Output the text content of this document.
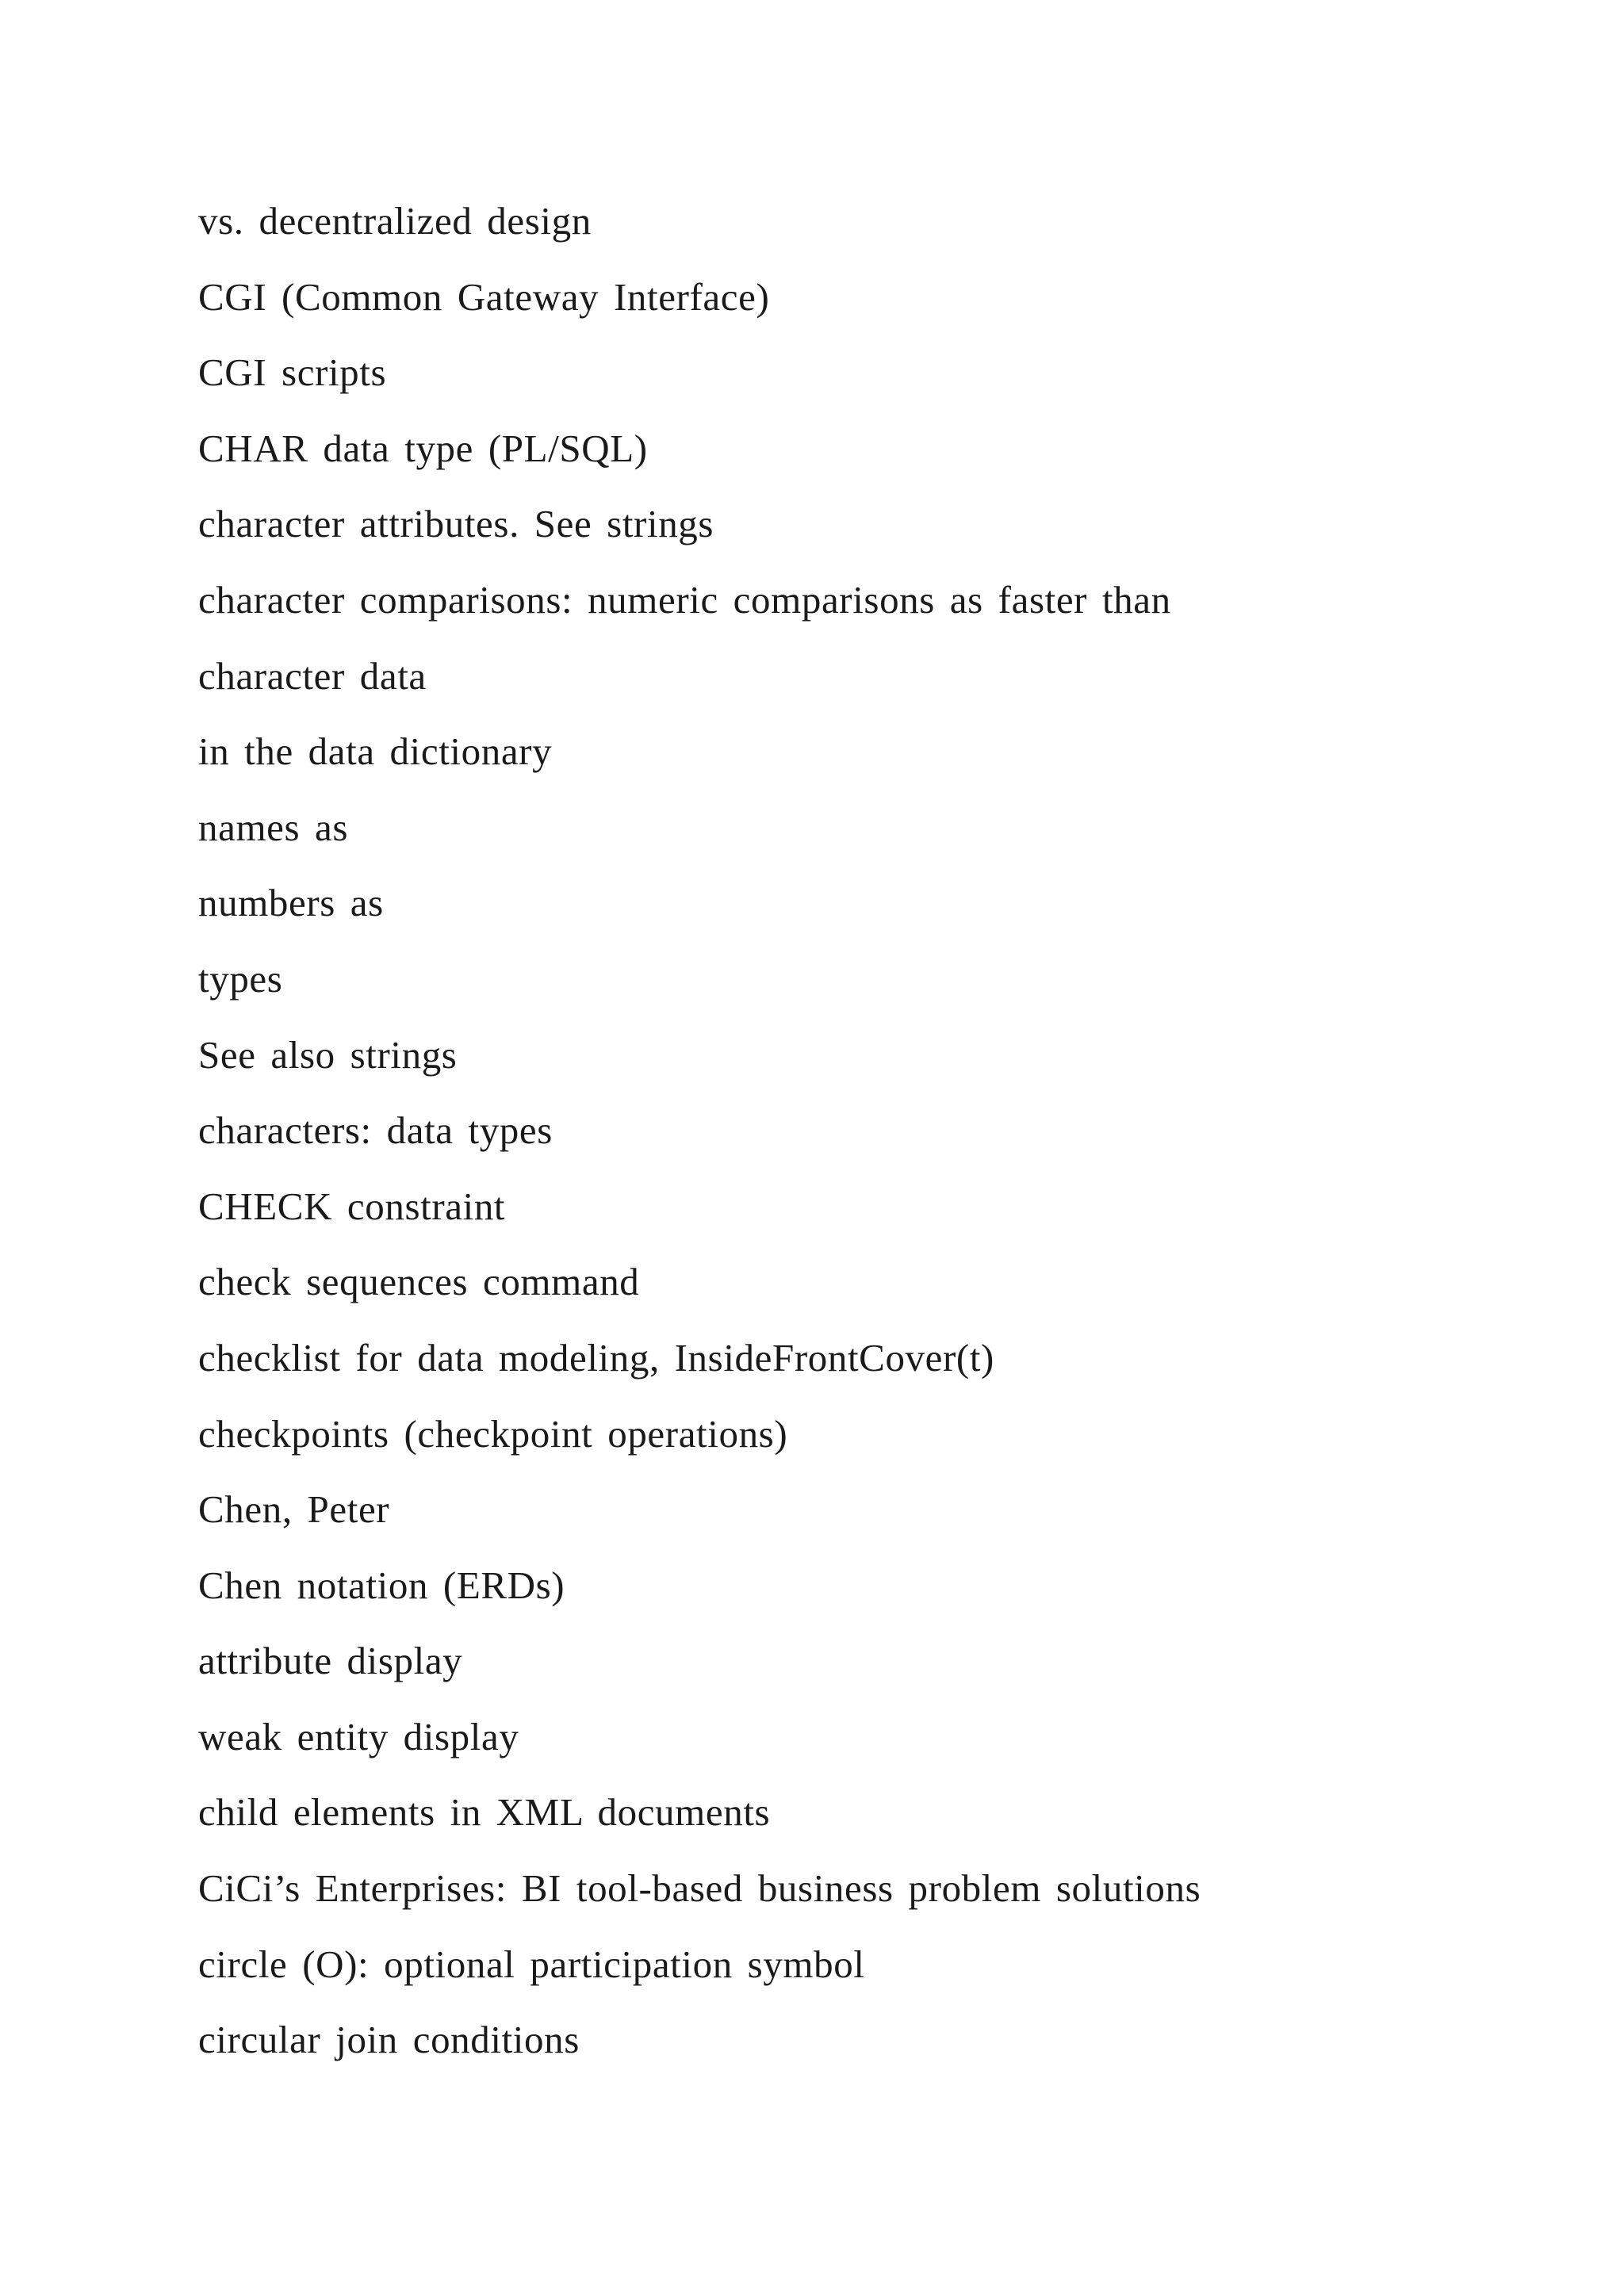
vs. decentralized design
CGI (Common Gateway Interface)
CGI scripts
CHAR data type (PL/SQL)
character attributes. See strings
character comparisons: numeric comparisons as faster than
character data
in the data dictionary
names as
numbers as
types
See also strings
characters: data types
CHECK constraint
check sequences command
checklist for data modeling, InsideFrontCover(t)
checkpoints (checkpoint operations)
Chen, Peter
Chen notation (ERDs)
attribute display
weak entity display
child elements in XML documents
CiCi’s Enterprises: BI tool-based business problem solutions
circle (O): optional participation symbol
circular join conditions
